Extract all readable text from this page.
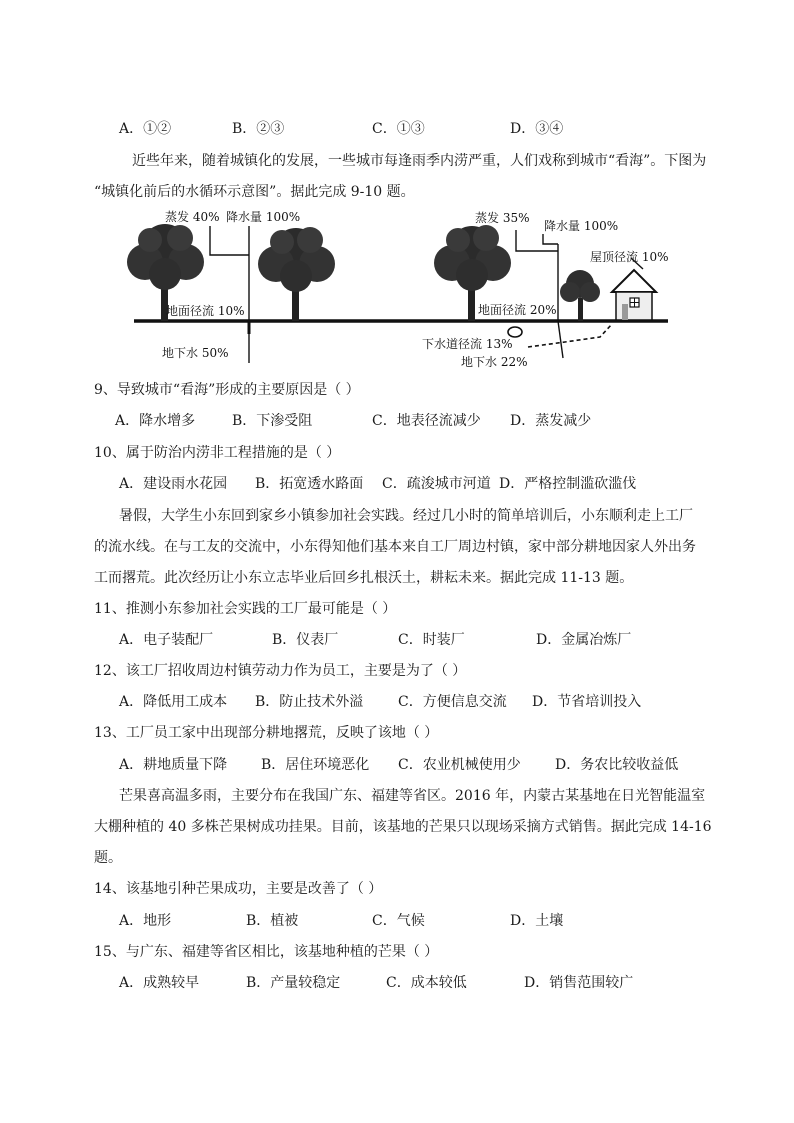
A．①②	B．②③	C．①③	D．③④
近些年来，随着城镇化的发展，一些城市每逢雨季内涝严重，人们戏称到城市“看海”。下图为
“城镇化前后的水循环示意图”。据此完成 9-10 题。
蒸发 40% 降水量 100%
地面径流 10%
地下水 50%
蒸发 35%
降水量 100%
屋顶径流 10%
地面径流 20%
下水道径流 13%
地下水 22%
9、导致城市“看海”形成的主要原因是（ ）
A．降水增多	B．下渗受阻	C．地表径流减少 D．蒸发减少
10、属于防治内涝非工程措施的是（ ）
A．建设雨水花园 B．拓宽透水路面 C．疏浚城市河道 D．严格控制滥砍滥伐
暑假，大学生小东回到家乡小镇参加社会实践。经过几小时的简单培训后，小东顺利走上工厂
的流水线。在与工友的交流中，小东得知他们基本来自工厂周边村镇，家中部分耕地因家人外出务
工而撂荒。此次经历让小东立志毕业后回乡扎根沃土，耕耘未来。据此完成 11-13 题。
11、推测小东参加社会实践的工厂最可能是（ ）
A．电子装配厂	B．仪表厂	C．时装厂	D．金属冶炼厂
12、该工厂招收周边村镇劳动力作为员工，主要是为了（ ）
A．降低用工成本 B．防止技术外溢 C．方便信息交流 D．节省培训投入
13、工厂员工家中出现部分耕地撂荒，反映了该地（ ）
A．耕地质量下降 B．居住环境恶化 C．农业机械使用少 D．务农比较收益低
芒果喜高温多雨，主要分布在我国广东、福建等省区。2016 年，内蒙古某基地在日光智能温室
大棚种植的 40 多株芒果树成功挂果。目前，该基地的芒果只以现场采摘方式销售。据此完成 14-16
题。
14、该基地引种芒果成功，主要是改善了（ ）
A．地形	B．植被	C．气候	D．土壤
15、与广东、福建等省区相比，该基地种植的芒果（ ）
A．成熟较早	B．产量较稳定	C．成本较低	D．销售范围较广
